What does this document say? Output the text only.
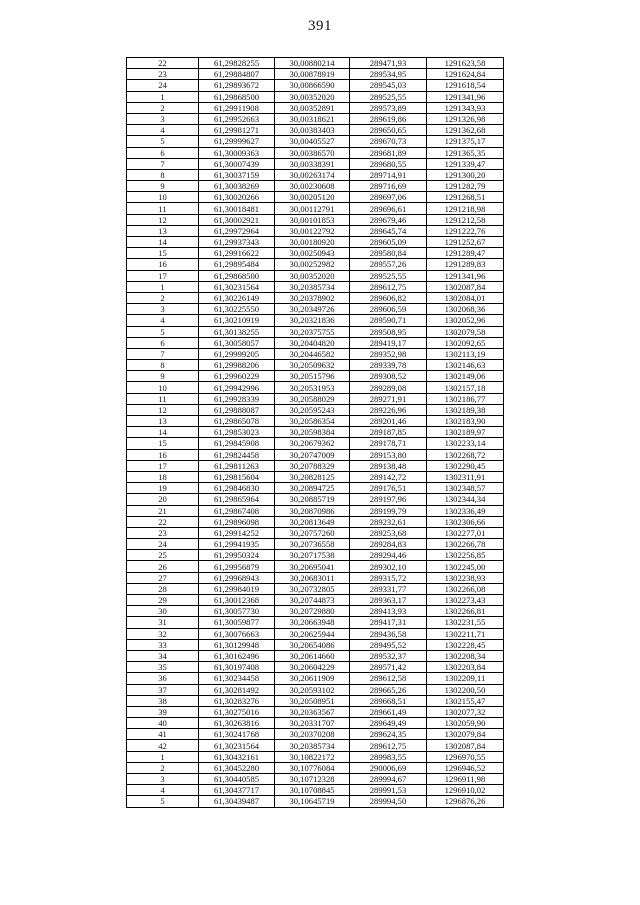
391
22	61,29828255	30,00880214	289471,93	1291623,58
23	61,29884807	30,00878919	289534,95	1291624,84
24	61,29893672	30,00866590	289545,03	1291618,54
1	61,29868500	30,00352020	289525,55	1291341,96
2	61,29911908	30,00352891	289573,89	1291343,93
3	61,29952663	30,00318621	289619,86	1291326,98
4	61,29981271	30,00383403	289650,65	1291362,68
5	61,29999627	30,00405527	289670,73	1291375,17
6	61,30009363	30,00386570	289681,89	1291365,35
7	61,30007439	30,00338391	289680,55	1291339,47
8	61,30037159	30,00263174	289714,91	1291300,20
9	61,30038269	30,00230608	289716,69	1291282,79
10	61,30020266	30,00205120	289697,06	1291268,51
11	61,30018481	30,00112791	289696,61	1291218,98
12	61,30002921	30,00101853	289679,46	1291212,58
13	61,29972964	30,00122792	289645,74	1291222,76
14	61,29937343	30,00180920	289605,09	1291252,67
15	61,29916622	30,00250943	289580,84	1291289,47
16	61,29895484	30,00252982	289557,26	1291289,83
17	61,29868500	30,00352020	289525,55	1291341,96
1	61,30231564	30,20385734	289612,75	1302087,84
2	61,30226149	30,20378902	289606,82	1302084,01
3	61,30225550	30,20349726	289606,59	1302068,36
4	61,30210919	30,20321836	289590,71	1302052,96
5	61,30138255	30,20375755	289508,95	1302079,58
6	61,30058057	30,20404820	289419,17	1302092,65
7	61,29999205	30,20446582	289352,98	1302113,19
8	61,29988206	30,20509632	289339,78	1302146,63
9	61,29960229	30,20515796	289308,52	1302149,06
10	61,29942996	30,20531953	289289,08	1302157,18
11	61,29928339	30,20588029	289271,91	1302186,77
12	61,29888087	30,20595243	289226,96	1302189,38
13	61,29865078	30,20586354	289201,46	1302183,90
14	61,29853023	30,20598384	289187,85	1302189,97
15	61,29845908	30,20679362	289178,71	1302233,14
16	61,29824458	30,20747009	289153,80	1302268,72
17	61,29811263	30,20788329	289138,48	1302290,45
18	61,29815604	30,20828125	289142,72	1302311,91
19	61,29846830	30,20894725	289176,51	1302348,57
20	61,29865964	30,20885719	289197,96	1302344,34
21	61,29867408	30,20870986	289199,79	1302336,49
22	61,29896098	30,20813649	289232,61	1302306,66
23	61,29914252	30,20757260	289253,68	1302277,01
24	61,29941935	30,20736558	289284,83	1302266,78
25	61,29950324	30,20717538	289294,46	1302256,85
26	61,29956879	30,20695041	289302,10	1302245,00
27	61,29968943	30,20683011	289315,72	1302238,93
28	61,29984019	30,20732805	289331,77	1302266,08
29	61,30012368	30,20744873	289363,17	1302273,43
30	61,30057730	30,20729880	289413,93	1302266,81
31	61,30059877	30,20663948	289417,31	1302231,55
32	61,30076663	30,20625944	289436,58	1302211,71
33	61,30129948	30,20654086	289495,52	1302228,45
34	61,30162496	30,20614660	289532,37	1302208,34
35	61,30197408	30,20604229	289571,42	1302203,84
36	61,30234458	30,20611909	289612,58	1302209,11
37	61,30281492	30,20593102	289665,26	1302200,50
38	61,30283276	30,20508951	289668,51	1302155,47
39	61,30275016	30,20363567	289661,49	1302077,32
40	61,30263816	30,20331707	289649,49	1302059,90
41	61,30241768	30,20370208	289624,35	1302079,84
42	61,30231564	30,20385734	289612,75	1302087,84
1	61,30432161	30,10822172	289983,55	1296970,55
2	61,30452280	30,10776084	290006,69	1296946,52
3	61,30440585	30,10712328	289994,67	1296911,98
4	61,30437717	30,10708845	289991,53	1296910,02
5	61,30439487	30,10645719	289994,50	1296876,26
